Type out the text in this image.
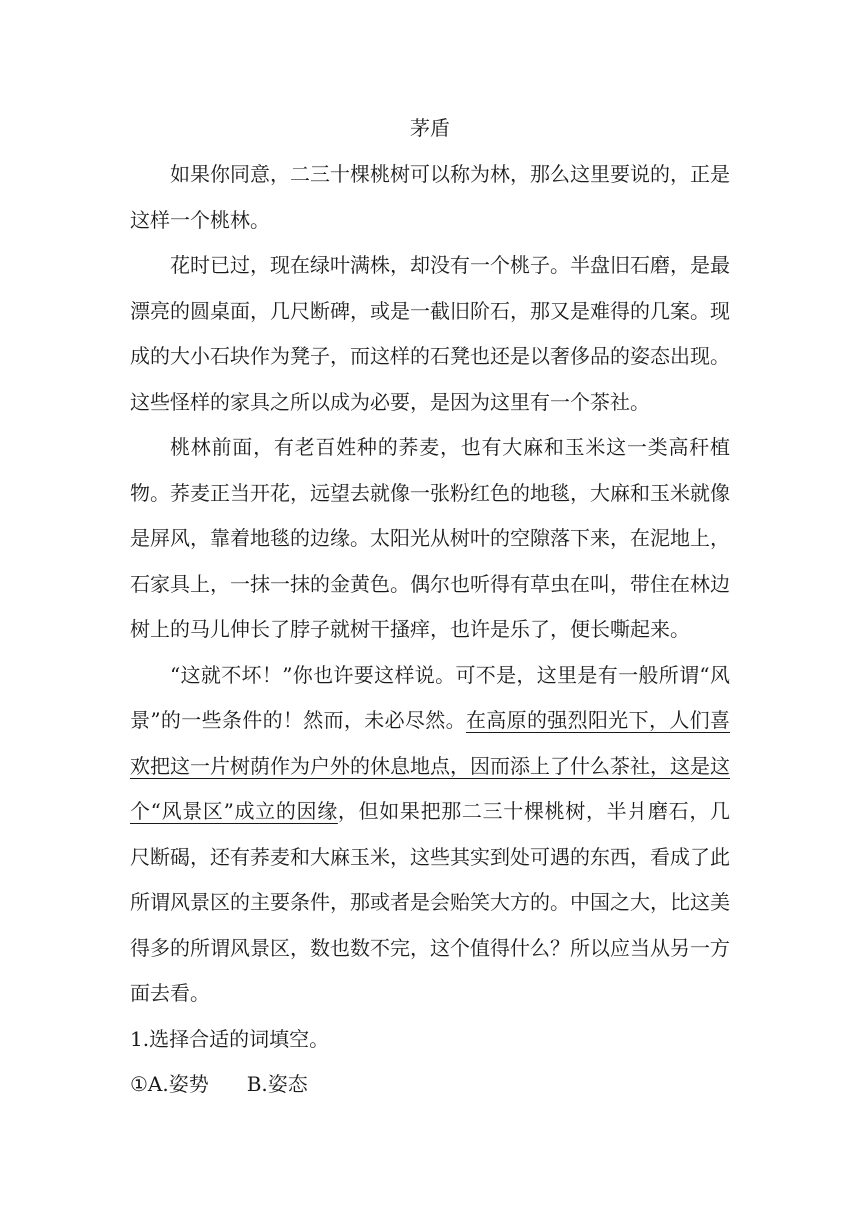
茅盾

如果你同意，二三十棵桃树可以称为林，那么这里要说的，正是这样一个桃林。

花时已过，现在绿叶满株，却没有一个桃子。半盘旧石磨，是最漂亮的圆桌面，几尺断碑，或是一截旧阶石，那又是难得的几案。现成的大小石块作为凳子，而这样的石凳也还是以奢侈品的姿态出现。这些怪样的家具之所以成为必要，是因为这里有一个茶社。

桃林前面，有老百姓种的荞麦，也有大麻和玉米这一类高秆植物。荞麦正当开花，远望去就像一张粉红色的地毯，大麻和玉米就像是屏风，靠着地毯的边缘。太阳光从树叶的空隙落下来，在泥地上，石家具上，一抹一抹的金黄色。偶尔也听得有草虫在叫，带住在林边树上的马儿伸长了脖子就树干搔痒，也许是乐了，便长嘶起来。

“这就不坏！”你也许要这样说。可不是，这里是有一般所谓“风景”的一些条件的！然而，未必尽然。在高原的强烈阳光下，人们喜欢把这一片树荫作为户外的休息地点，因而添上了什么茶社，这是这个“风景区”成立的因缘，但如果把那二三十棵桃树，半爿磨石，几尺断碣，还有荞麦和大麻玉米，这些其实到处可遇的东西，看成了此所谓风景区的主要条件，那或者是会贻笑大方的。中国之大，比这美得多的所谓风景区，数也数不完，这个值得什么？所以应当从另一方面去看。

1.选择合适的词填空。

①A.姿势 B.姿态
